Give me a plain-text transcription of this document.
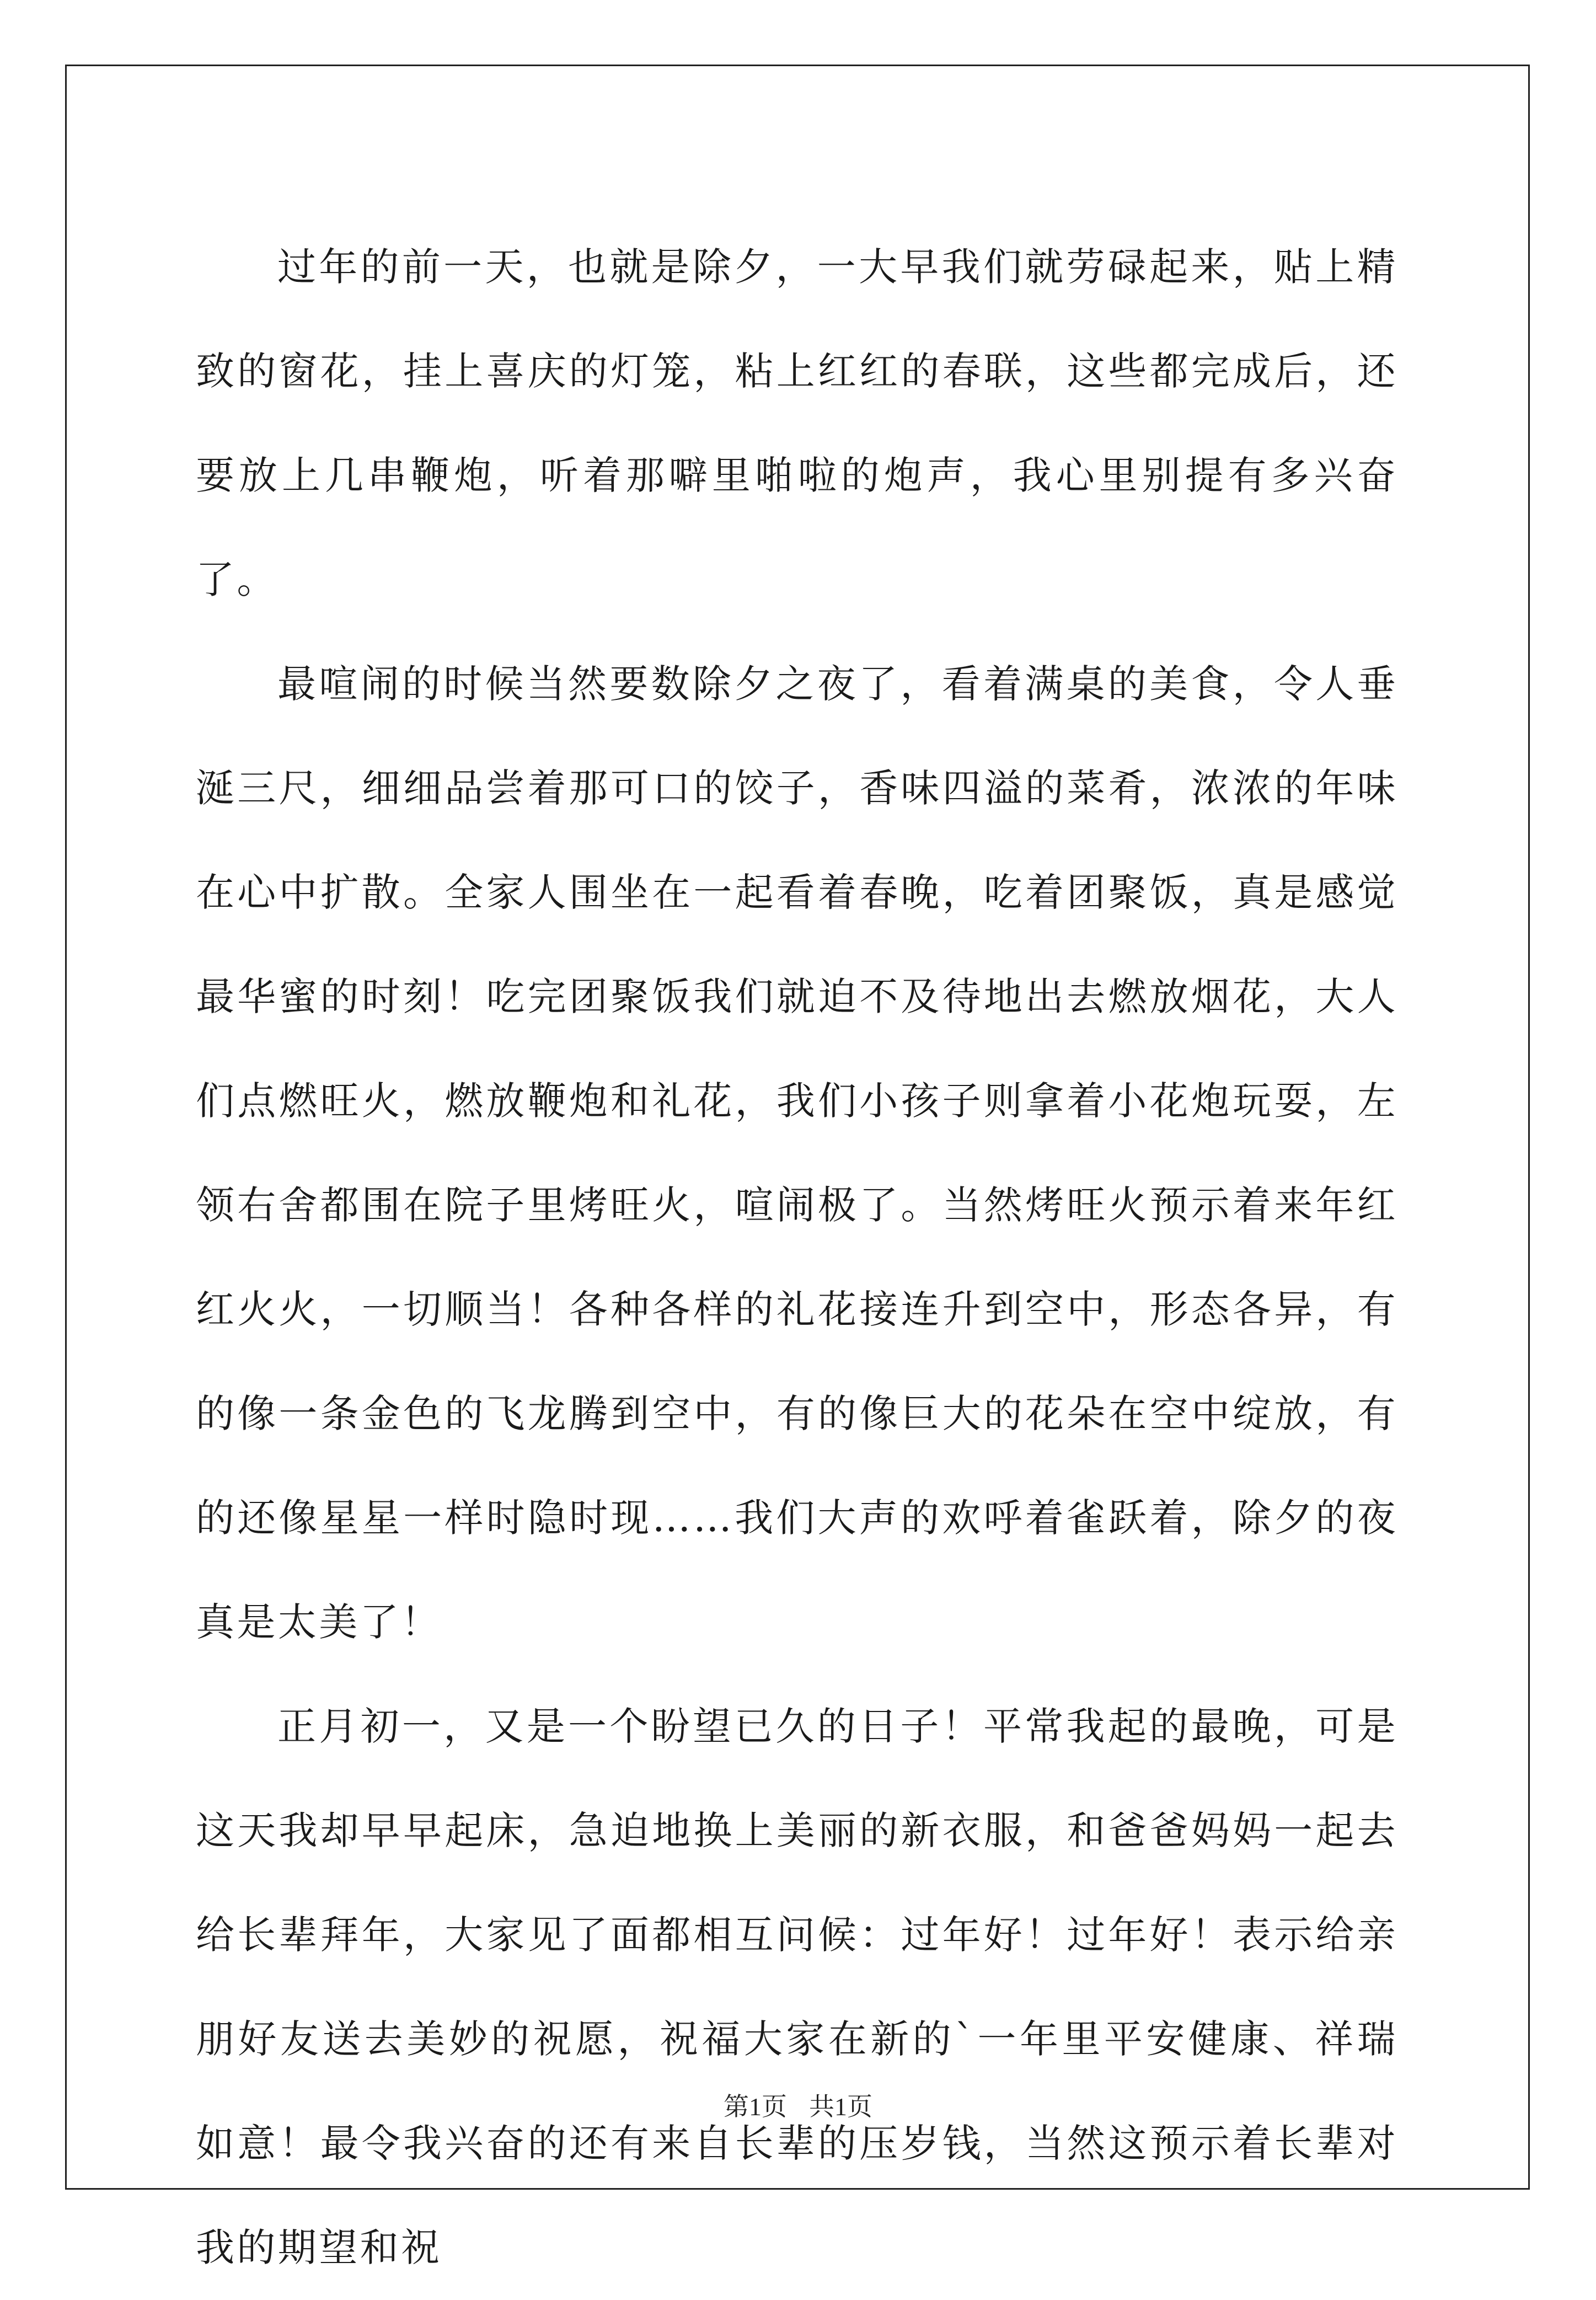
过年的前一天，也就是除夕，一大早我们就劳碌起来，贴上精致的窗花，挂上喜庆的灯笼，粘上红红的春联，这些都完成后，还要放上几串鞭炮，听着那噼里啪啦的炮声，我心里别提有多兴奋了。

最喧闹的时候当然要数除夕之夜了，看着满桌的美食，令人垂涎三尺，细细品尝着那可口的饺子，香味四溢的菜肴，浓浓的年味在心中扩散。全家人围坐在一起看着春晚，吃着团聚饭，真是感觉最华蜜的时刻！吃完团聚饭我们就迫不及待地出去燃放烟花，大人们点燃旺火，燃放鞭炮和礼花，我们小孩子则拿着小花炮玩耍，左领右舍都围在院子里烤旺火，喧闹极了。当然烤旺火预示着来年红红火火，一切顺当！各种各样的礼花接连升到空中，形态各异，有的像一条金色的飞龙腾到空中，有的像巨大的花朵在空中绽放，有的还像星星一样时隐时现……我们大声的欢呼着雀跃着，除夕的夜真是太美了！

正月初一，又是一个盼望已久的日子！平常我起的最晚，可是这天我却早早起床，急迫地换上美丽的新衣服，和爸爸妈妈一起去给长辈拜年，大家见了面都相互问候：过年好！过年好！表示给亲朋好友送去美妙的祝愿，祝福大家在新的`一年里平安健康、祥瑞如意！最令我兴奋的还有来自长辈的压岁钱，当然这预示着长辈对我的期望和祝

第1页 共1页
